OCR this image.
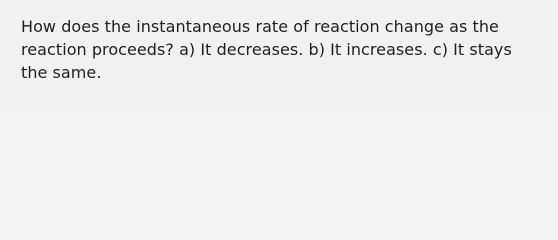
How does the instantaneous rate of reaction change as the reaction proceeds? a) It decreases. b) It increases. c) It stays the same.
